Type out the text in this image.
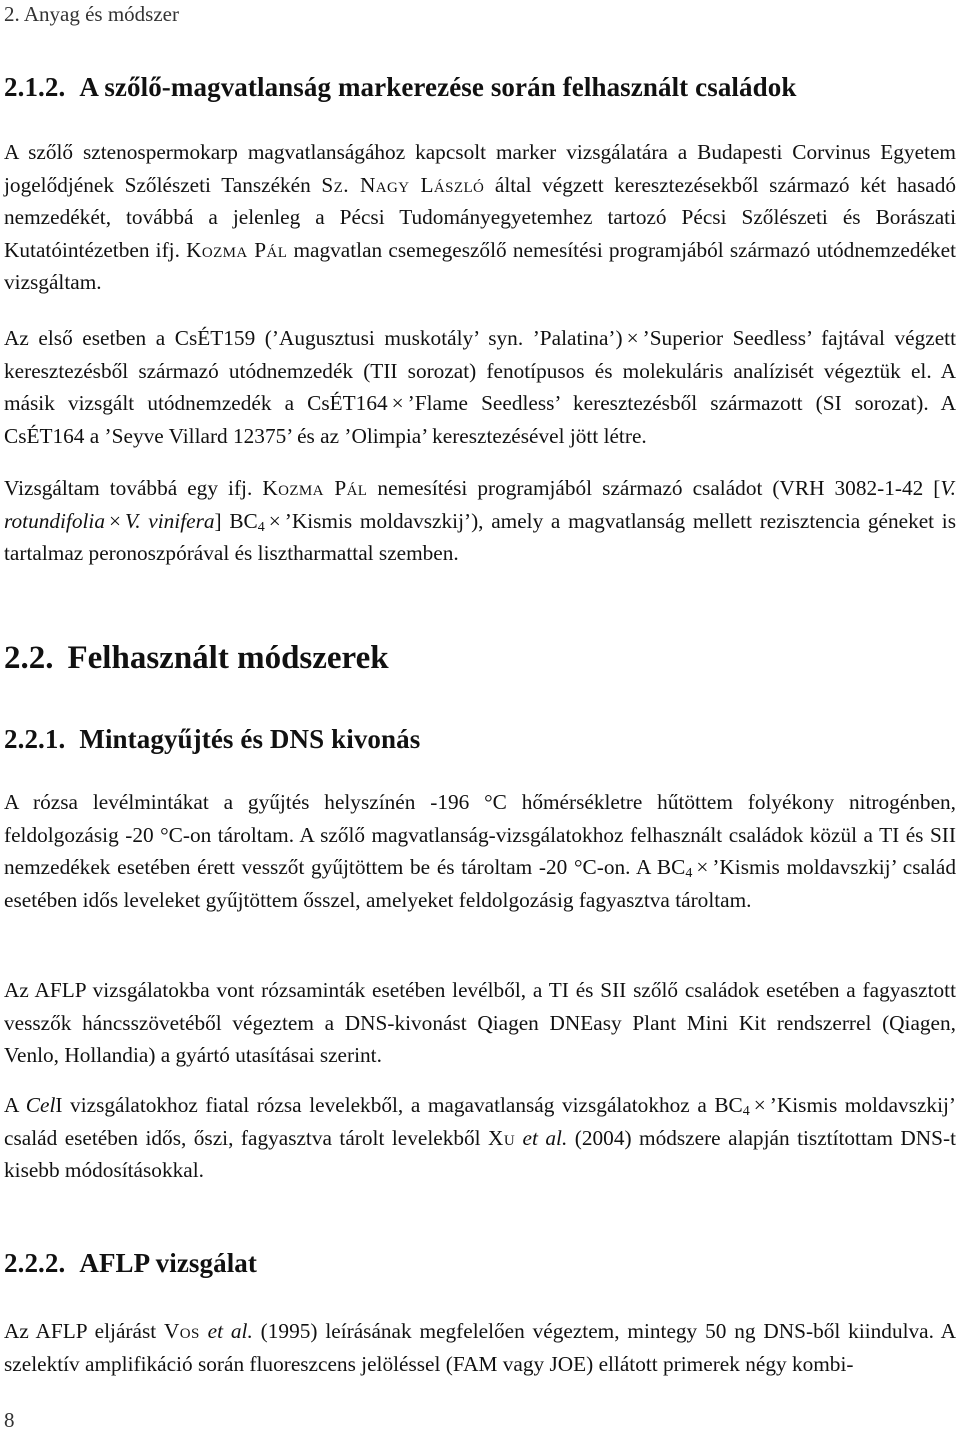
2. Anyag és módszer
2.1.2. A szőlő-magvatlanság markerezése során felhasznált családok

A szőlő sztenospermokarp magvatlanságához kapcsolt marker vizsgálatára a Budapesti Corvinus Egyetem jogelődjének Szőlészeti Tanszékén Sz. Nagy László által végzett keresztezésekből származó két hasadó nemzedékét, továbbá a jelenleg a Pécsi Tudományegyetemhez tartozó Pécsi Szőlészeti és Borászati Kutatóintézetben ifj. Kozma Pál magvatlan csemegeszőlő nemesítési programjából származó utódnemzedéket vizsgáltam.

Az első esetben a CsÉT159 (’Augusztusi muskotály’ syn. ’Palatina’) × ’Superior Seedless’ fajtával végzett keresztezésből származó utódnemzedék (TII sorozat) fenotípusos és molekuláris analízisét végeztük el. A másik vizsgált utódnemzedék a CsÉT164 × ’Flame Seedless’ keresztezésből származott (SI sorozat). A CsÉT164 a ’Seyve Villard 12375’ és az ’Olimpia’ keresztezésével jött létre.

Vizsgáltam továbbá egy ifj. Kozma Pál nemesítési programjából származó családot (VRH 3082-1-42 [V. rotundifolia × V. vinifera] $BC_4$ × ’Kismis moldavszkij’), amely a magvatlanság mellett rezisztencia géneket is tartalmaz peronoszpórával és lisztharmattal szemben.

2.2. Felhasznált módszerek
2.2.1. Mintagyűjtés és DNS kivonás

A rózsa levélmintákat a gyűjtés helyszínén -196 °C hőmérsékletre hűtöttem folyékony nitrogénben, feldolgozásig -20 °C-on tároltam. A szőlő magvatlanság-vizsgálatokhoz felhasznált családok közül a TI és SII nemzedékek esetében érett vesszőt gyűjtöttem be és tároltam -20 °C-on. A $BC_4$ × ’Kismis moldavszkij’ család esetében idős leveleket gyűjtöttem ősszel, amelyeket feldolgozásig fagyasztva tároltam.

Az AFLP vizsgálatokba vont rózsaminták esetében levélből, a TI és SII szőlő családok esetében a fagyasztott vesszők háncsszövetéből végeztem a DNS-kivonást Qiagen DNEasy Plant Mini Kit rendszerrel (Qiagen, Venlo, Hollandia) a gyártó utasításai szerint.

A CelI vizsgálatokhoz fiatal rózsa levelekből, a magavatlanság vizsgálatokhoz a $BC_4$ × ’Kismis moldavszkij’ család esetében idős, őszi, fagyasztva tárolt levelekből Xu et al. (2004) módszere alapján tisztítottam DNS-t kisebb módosításokkal.

2.2.2. AFLP vizsgálat

Az AFLP eljárást Vos et al. (1995) leírásának megfelelően végeztem, mintegy 50 ng DNS-ből kiindulva. A szelektív amplifikáció során fluoreszcens jelöléssel (FAM vagy JOE) ellátott primerek négy kombi-

8
